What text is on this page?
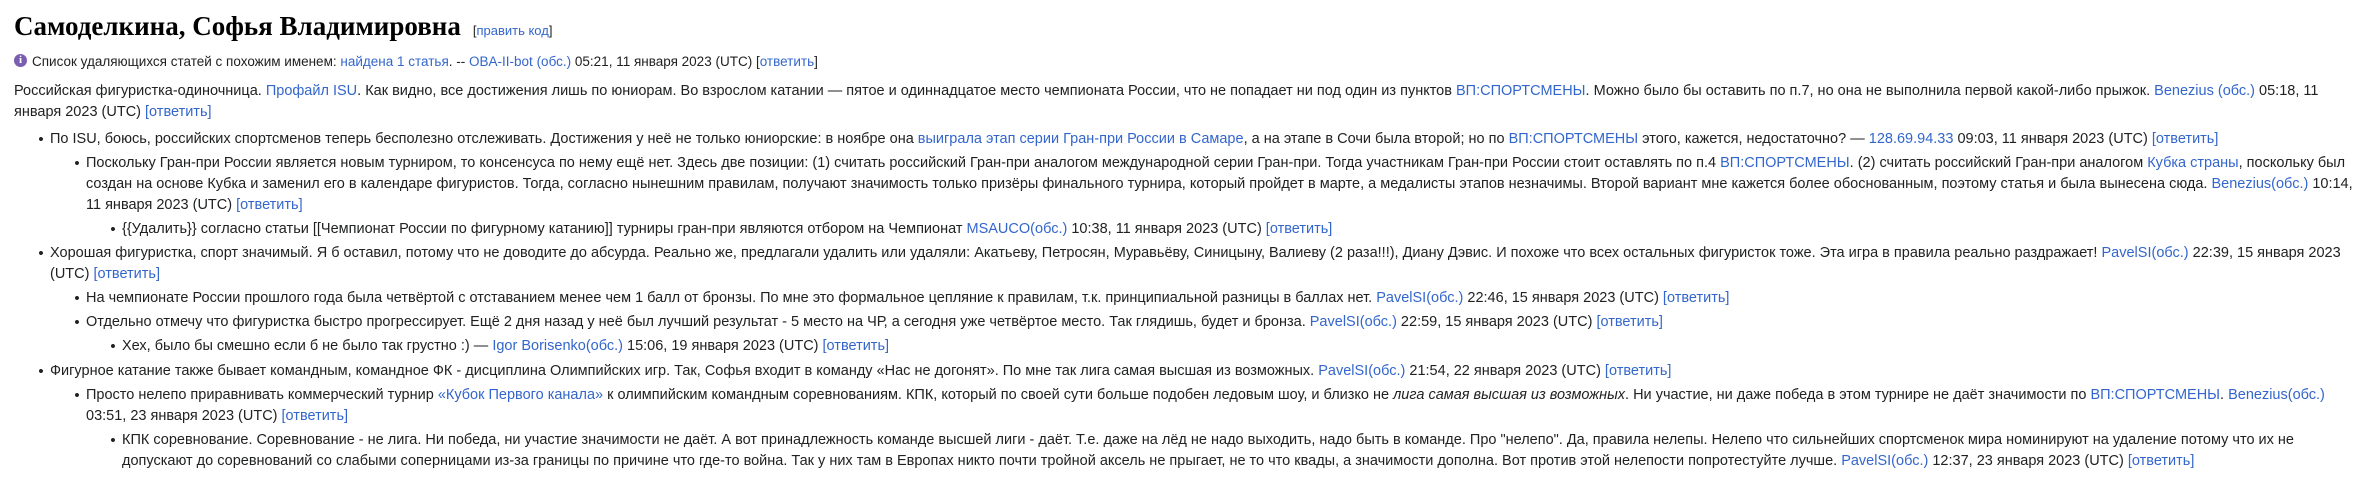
Самоделкина, Софья Владимировна [править код]
i
Список удаляющихся статей с похожим именем: найдена 1 статья. -- OBA-II-bot (обс.) 05:21, 11 января 2023 (UTC) [ответить]

Российская фигуристка-одиночница. Профайл ISU. Как видно, все достижения лишь по юниорам. Во взрослом катании — пятое и одиннадцатое место чемпионата России, что не попадает ни под один из пунктов ВП:СПОРТСМЕНЫ. Можно было бы оставить по п.7, но она не выполнила первой какой-либо прыжок. Benezius (обс.) 05:18, 11 января 2023 (UTC) [ответить]

• По ISU, боюсь, российских спортсменов теперь бесполезно отслеживать. Достижения у неё не только юниорские: в ноябре она выиграла этап серии Гран-при России в Самаре, а на этапе в Сочи была второй; но по ВП:СПОРТСМЕНЫ этого, кажется, недостаточно? — 128.69.94.33 09:03, 11 января 2023 (UTC) [ответить]
• Поскольку Гран-при России является новым турниром, то консенсуса по нему ещё нет. Здесь две позиции: (1) считать российский Гран-при аналогом международной серии Гран-при. Тогда участникам Гран-при России стоит оставлять по п.4 ВП:СПОРТСМЕНЫ. (2) считать российский Гран-при аналогом Кубка страны, поскольку был создан на основе Кубка и заменил его в календаре фигуристов. Тогда, согласно нынешним правилам, получают значимость только призёры финального турнира, который пройдет в марте, а медалисты этапов незначимы. Второй вариант мне кажется более обоснованным, поэтому статья и была вынесена сюда. Benezius(обс.) 10:14, 11 января 2023 (UTC) [ответить]
• {{Удалить}} согласно статьи [[Чемпионат России по фигурному катанию]] турниры гран-при являются отбором на Чемпионат MSAUCO(обс.) 10:38, 11 января 2023 (UTC) [ответить]
• Хорошая фигуристка, спорт значимый. Я б оставил, потому что не доводите до абсурда. Реально же, предлагали удалить или удаляли: Акатьеву, Петросян, Муравьёву, Синицыну, Валиеву (2 раза!!!), Диану Дэвис. И похоже что всех остальных фигуристок тоже. Эта игра в правила реально раздражает! PavelSI(обс.) 22:39, 15 января 2023 (UTC) [ответить]
• На чемпионате России прошлого года была четвёртой с отставанием менее чем 1 балл от бронзы. По мне это формальное цепляние к правилам, т.к. принципиальной разницы в баллах нет. PavelSI(обс.) 22:46, 15 января 2023 (UTC) [ответить]
• Отдельно отмечу что фигуристка быстро прогрессирует. Ещё 2 дня назад у неё был лучший результат - 5 место на ЧР, а сегодня уже четвёртое место. Так глядишь, будет и бронза. PavelSI(обс.) 22:59, 15 января 2023 (UTC) [ответить]
• Хех, было бы смешно если б не было так грустно :) — Igor Borisenko(обс.) 15:06, 19 января 2023 (UTC) [ответить]
• Фигурное катание также бывает командным, командное ФК - дисциплина Олимпийских игр. Так, Софья входит в команду «Нас не догонят». По мне так лига самая высшая из возможных. PavelSI(обс.) 21:54, 22 января 2023 (UTC) [ответить]
• Просто нелепо приравнивать коммерческий турнир «Кубок Первого канала» к олимпийским командным соревнованиям. КПК, который по своей сути больше подобен ледовым шоу, и близко не лига самая высшая из возможных. Ни участие, ни даже победа в этом турнире не даёт значимости по ВП:СПОРТСМЕНЫ. Benezius(обс.) 03:51, 23 января 2023 (UTC) [ответить]
• КПК соревнование. Соревнование - не лига. Ни победа, ни участие значимости не даёт. А вот принадлежность команде высшей лиги - даёт. Т.е. даже на лёд не надо выходить, надо быть в команде. Про "нелепо". Да, правила нелепы. Нелепо что сильнейших спортсменок мира номинируют на удаление потому что их не допускают до соревнований со слабыми соперницами из-за границы по причине что где-то война. Так у них там в Европах никто почти тройной аксель не прыгает, не то что квады, а значимости дополна. Вот против этой нелепости попротестуйте лучше. PavelSI(обс.) 12:37, 23 января 2023 (UTC) [ответить]
